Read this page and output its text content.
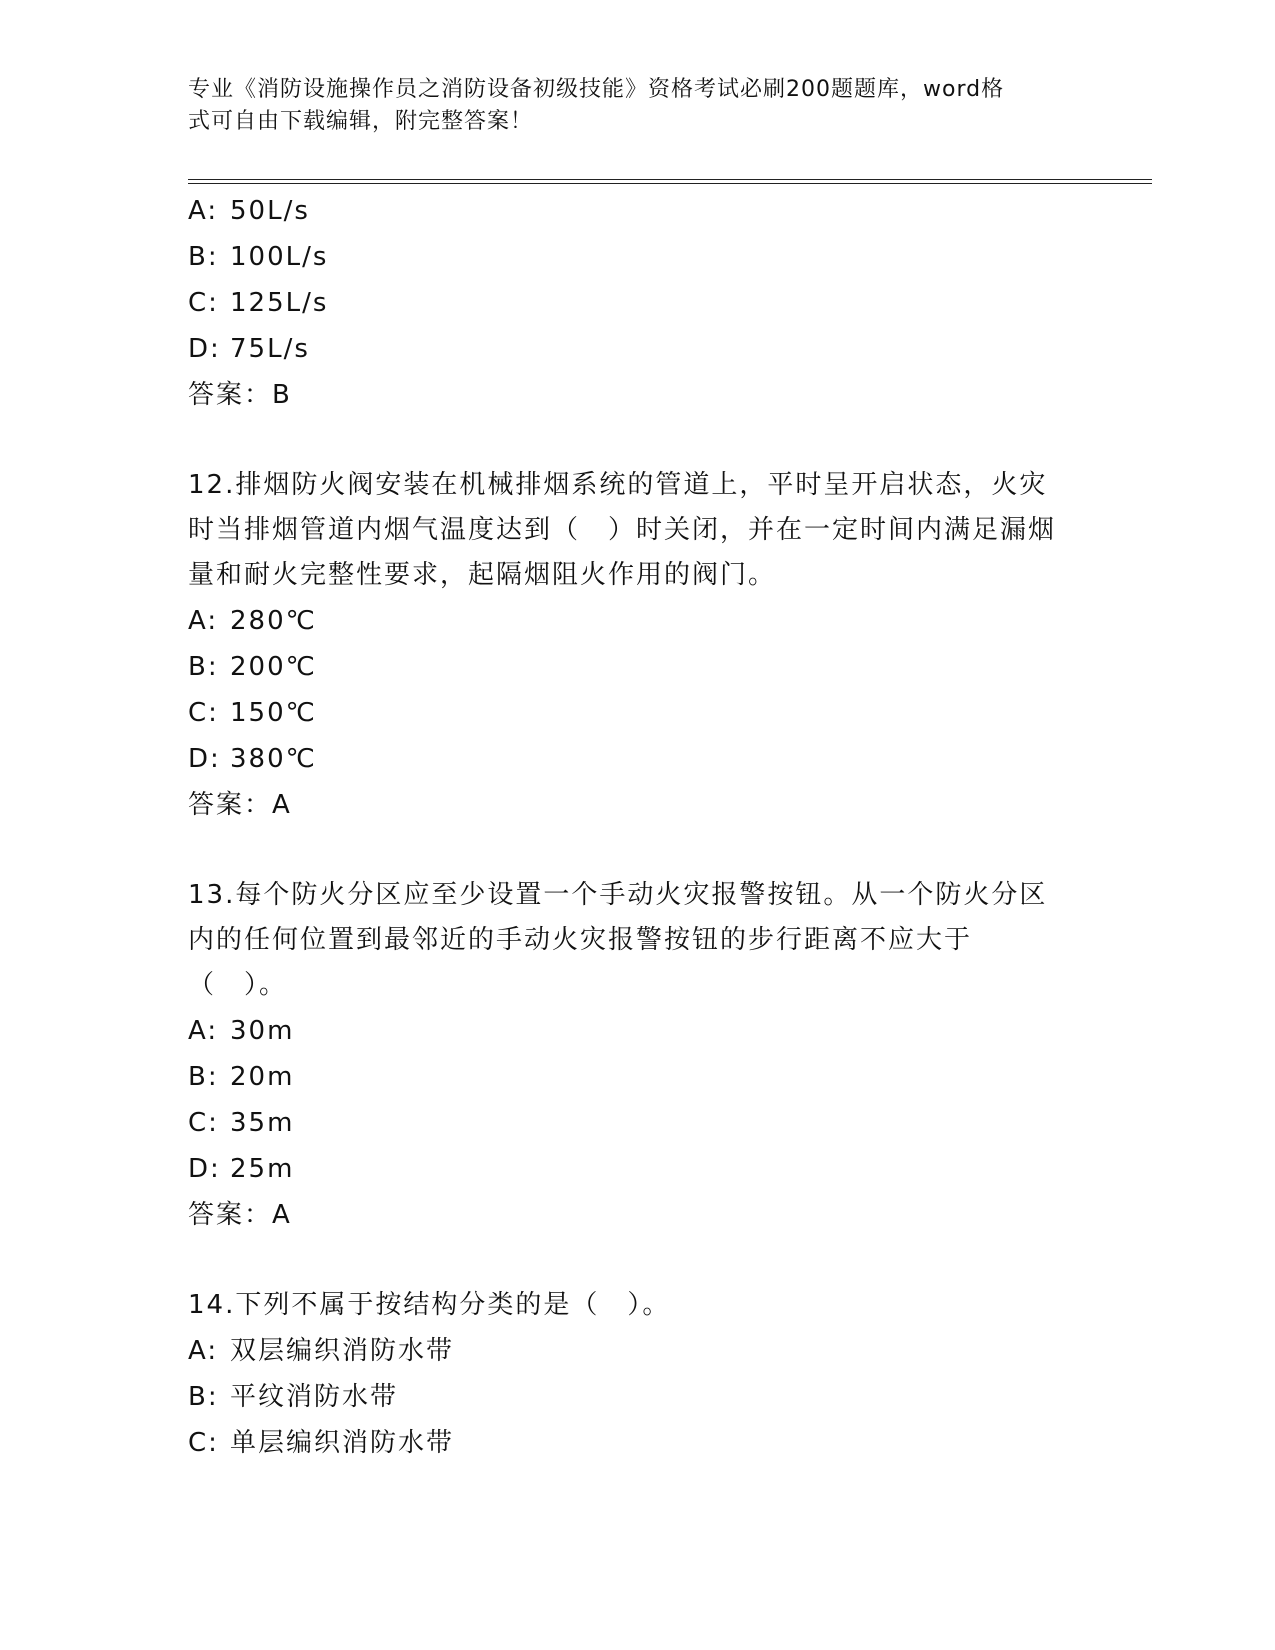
专业《消防设施操作员之消防设备初级技能》资格考试必刷200题题库，word格
式可自由下载编辑，附完整答案！
A: 50L/s
B: 100L/s
C: 125L/s
D: 75L/s
答案：B
12.排烟防火阀安装在机械排烟系统的管道上，平时呈开启状态，火灾时当排烟管道内烟气温度达到（　）时关闭，并在一定时间内满足漏烟量和耐火完整性要求，起隔烟阻火作用的阀门。
A: 280℃
B: 200℃
C: 150℃
D: 380℃
答案：A
13.每个防火分区应至少设置一个手动火灾报警按钮。从一个防火分区内的任何位置到最邻近的手动火灾报警按钮的步行距离不应大于（　）。
A: 30m
B: 20m
C: 35m
D: 25m
答案：A
14.下列不属于按结构分类的是（　）。
A: 双层编织消防水带
B: 平纹消防水带
C: 单层编织消防水带
